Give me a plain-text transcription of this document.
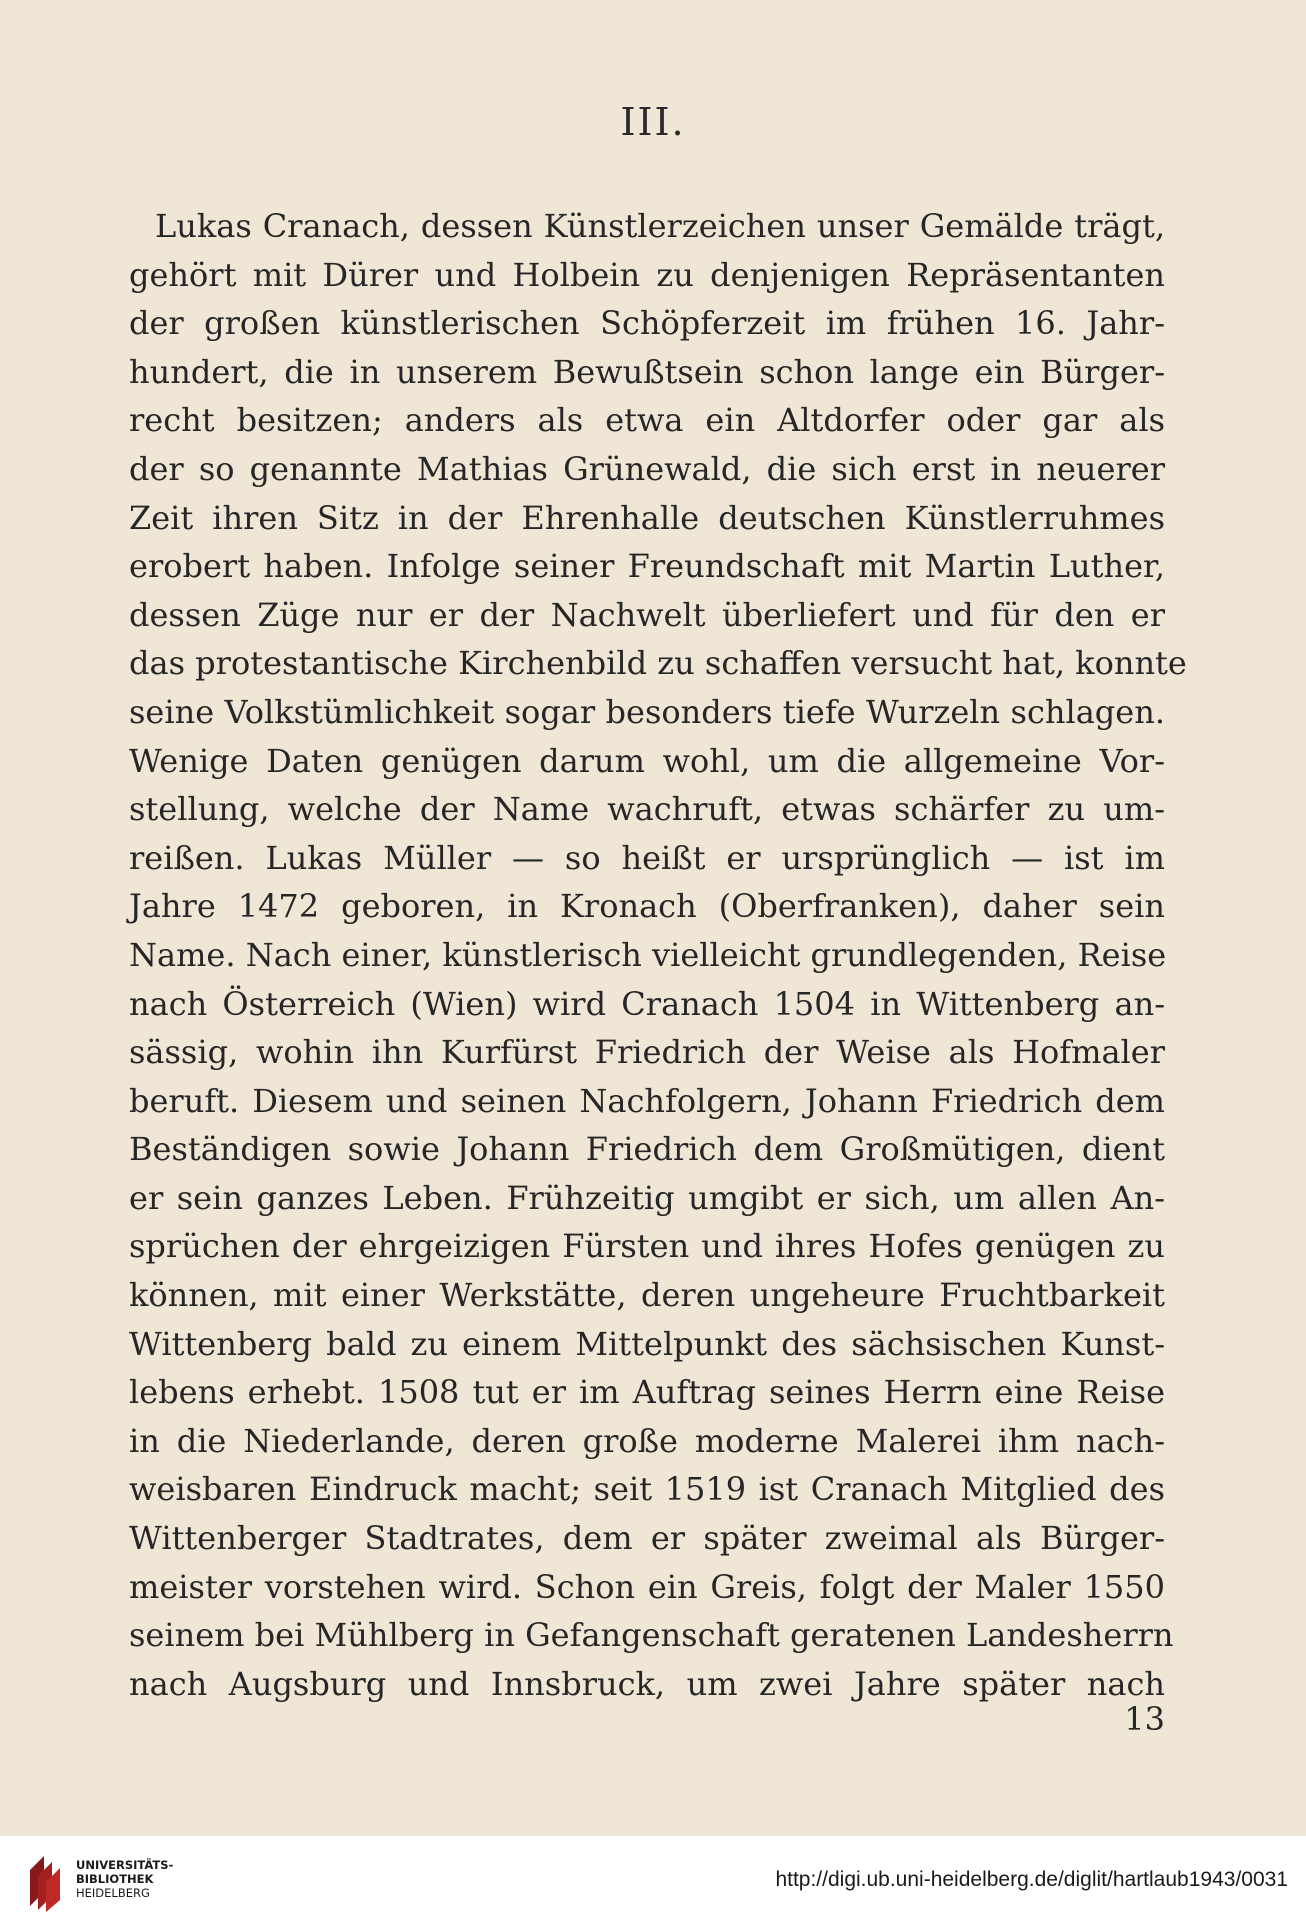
III.
Lukas Cranach, dessen Künstlerzeichen unser Gemälde trägt,
gehört mit Dürer und Holbein zu denjenigen Repräsentanten
der großen künstlerischen Schöpferzeit im frühen 16. Jahr-
hundert, die in unserem Bewußtsein schon lange ein Bürger-
recht besitzen; anders als etwa ein Altdorfer oder gar als
der so genannte Mathias Grünewald, die sich erst in neuerer
Zeit ihren Sitz in der Ehrenhalle deutschen Künstlerruhmes
erobert haben. Infolge seiner Freundschaft mit Martin Luther,
dessen Züge nur er der Nachwelt überliefert und für den er
das protestantische Kirchenbild zu schaffen versucht hat, konnte
seine Volkstümlichkeit sogar besonders tiefe Wurzeln schlagen.
Wenige Daten genügen darum wohl, um die allgemeine Vor-
stellung, welche der Name wachruft, etwas schärfer zu um-
reißen. Lukas Müller — so heißt er ursprünglich — ist im
Jahre 1472 geboren, in Kronach (Oberfranken), daher sein
Name. Nach einer, künstlerisch vielleicht grundlegenden, Reise
nach Österreich (Wien) wird Cranach 1504 in Wittenberg an-
sässig, wohin ihn Kurfürst Friedrich der Weise als Hofmaler
beruft. Diesem und seinen Nachfolgern, Johann Friedrich dem
Beständigen sowie Johann Friedrich dem Großmütigen, dient
er sein ganzes Leben. Frühzeitig umgibt er sich, um allen An-
sprüchen der ehrgeizigen Fürsten und ihres Hofes genügen zu
können, mit einer Werkstätte, deren ungeheure Fruchtbarkeit
Wittenberg bald zu einem Mittelpunkt des sächsischen Kunst-
lebens erhebt. 1508 tut er im Auftrag seines Herrn eine Reise
in die Niederlande, deren große moderne Malerei ihm nach-
weisbaren Eindruck macht; seit 1519 ist Cranach Mitglied des
Wittenberger Stadtrates, dem er später zweimal als Bürger-
meister vorstehen wird. Schon ein Greis, folgt der Maler 1550
seinem bei Mühlberg in Gefangenschaft geratenen Landesherrn
nach Augsburg und Innsbruck, um zwei Jahre später nach
13
UNIVERSITÄTS-
BIBLIOTHEK
HEIDELBERG
http://digi.ub.uni-heidelberg.de/diglit/hartlaub1943/0031
